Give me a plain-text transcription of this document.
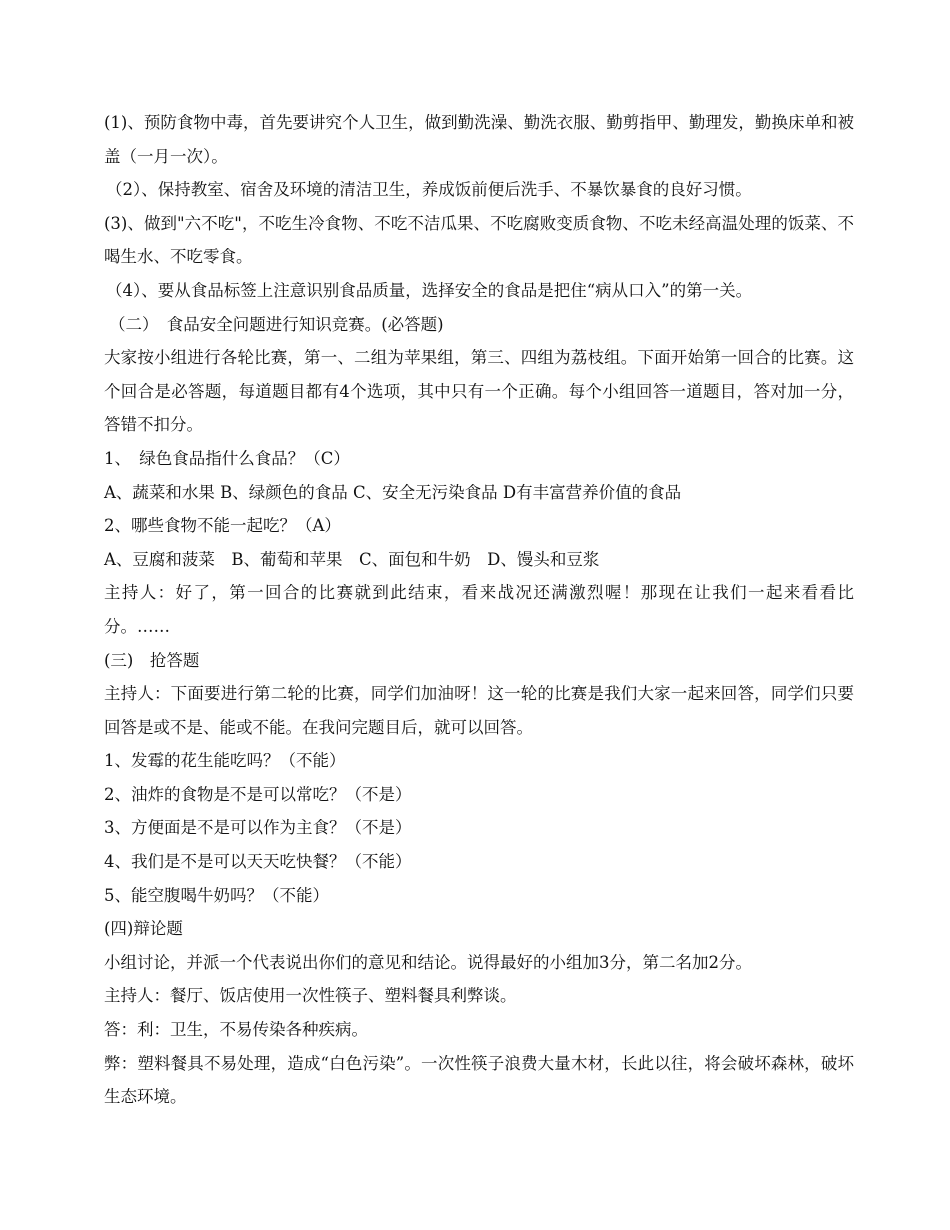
(1)、预防食物中毒，首先要讲究个人卫生，做到勤洗澡、勤洗衣服、勤剪指甲、勤理发，勤换床单和被盖（一月一次）。

（2）、保持教室、宿舍及环境的清洁卫生，养成饭前便后洗手、不暴饮暴食的良好习惯。

(3)、做到"六不吃"，不吃生冷食物、不吃不洁瓜果、不吃腐败变质食物、不吃未经高温处理的饭菜、不喝生水、不吃零食。

（4）、要从食品标签上注意识别食品质量，选择安全的食品是把住“病从口入”的第一关。

（二）　食品安全问题进行知识竞赛。(必答题)

大家按小组进行各轮比赛，第一、二组为苹果组，第三、四组为荔枝组。下面开始第一回合的比赛。这个回合是必答题，每道题目都有4个选项，其中只有一个正确。每个小组回答一道题目，答对加一分，答错不扣分。

1、　绿色食品指什么食品？（C）

A、蔬菜和水果 B、绿颜色的食品 C、安全无污染食品 D有丰富营养价值的食品

2、哪些食物不能一起吃？（A）

A、豆腐和菠菜　B、葡萄和苹果　C、面包和牛奶　D、馒头和豆浆

主持人：好了，第一回合的比赛就到此结束，看来战况还满激烈喔！那现在让我们一起来看看比分。……

(三)　抢答题

主持人：下面要进行第二轮的比赛，同学们加油呀！这一轮的比赛是我们大家一起来回答，同学们只要回答是或不是、能或不能。在我问完题目后，就可以回答。

1、发霉的花生能吃吗？（不能）

2、油炸的食物是不是可以常吃？（不是）

3、方便面是不是可以作为主食？（不是）

4、我们是不是可以天天吃快餐？（不能）

5、能空腹喝牛奶吗？（不能）

(四)辩论题

小组讨论，并派一个代表说出你们的意见和结论。说得最好的小组加3分，第二名加2分。

主持人：餐厅、饭店使用一次性筷子、塑料餐具利弊谈。

答：利：卫生，不易传染各种疾病。

弊：塑料餐具不易处理，造成“白色污染”。一次性筷子浪费大量木材，长此以往，将会破坏森林，破坏生态环境。
